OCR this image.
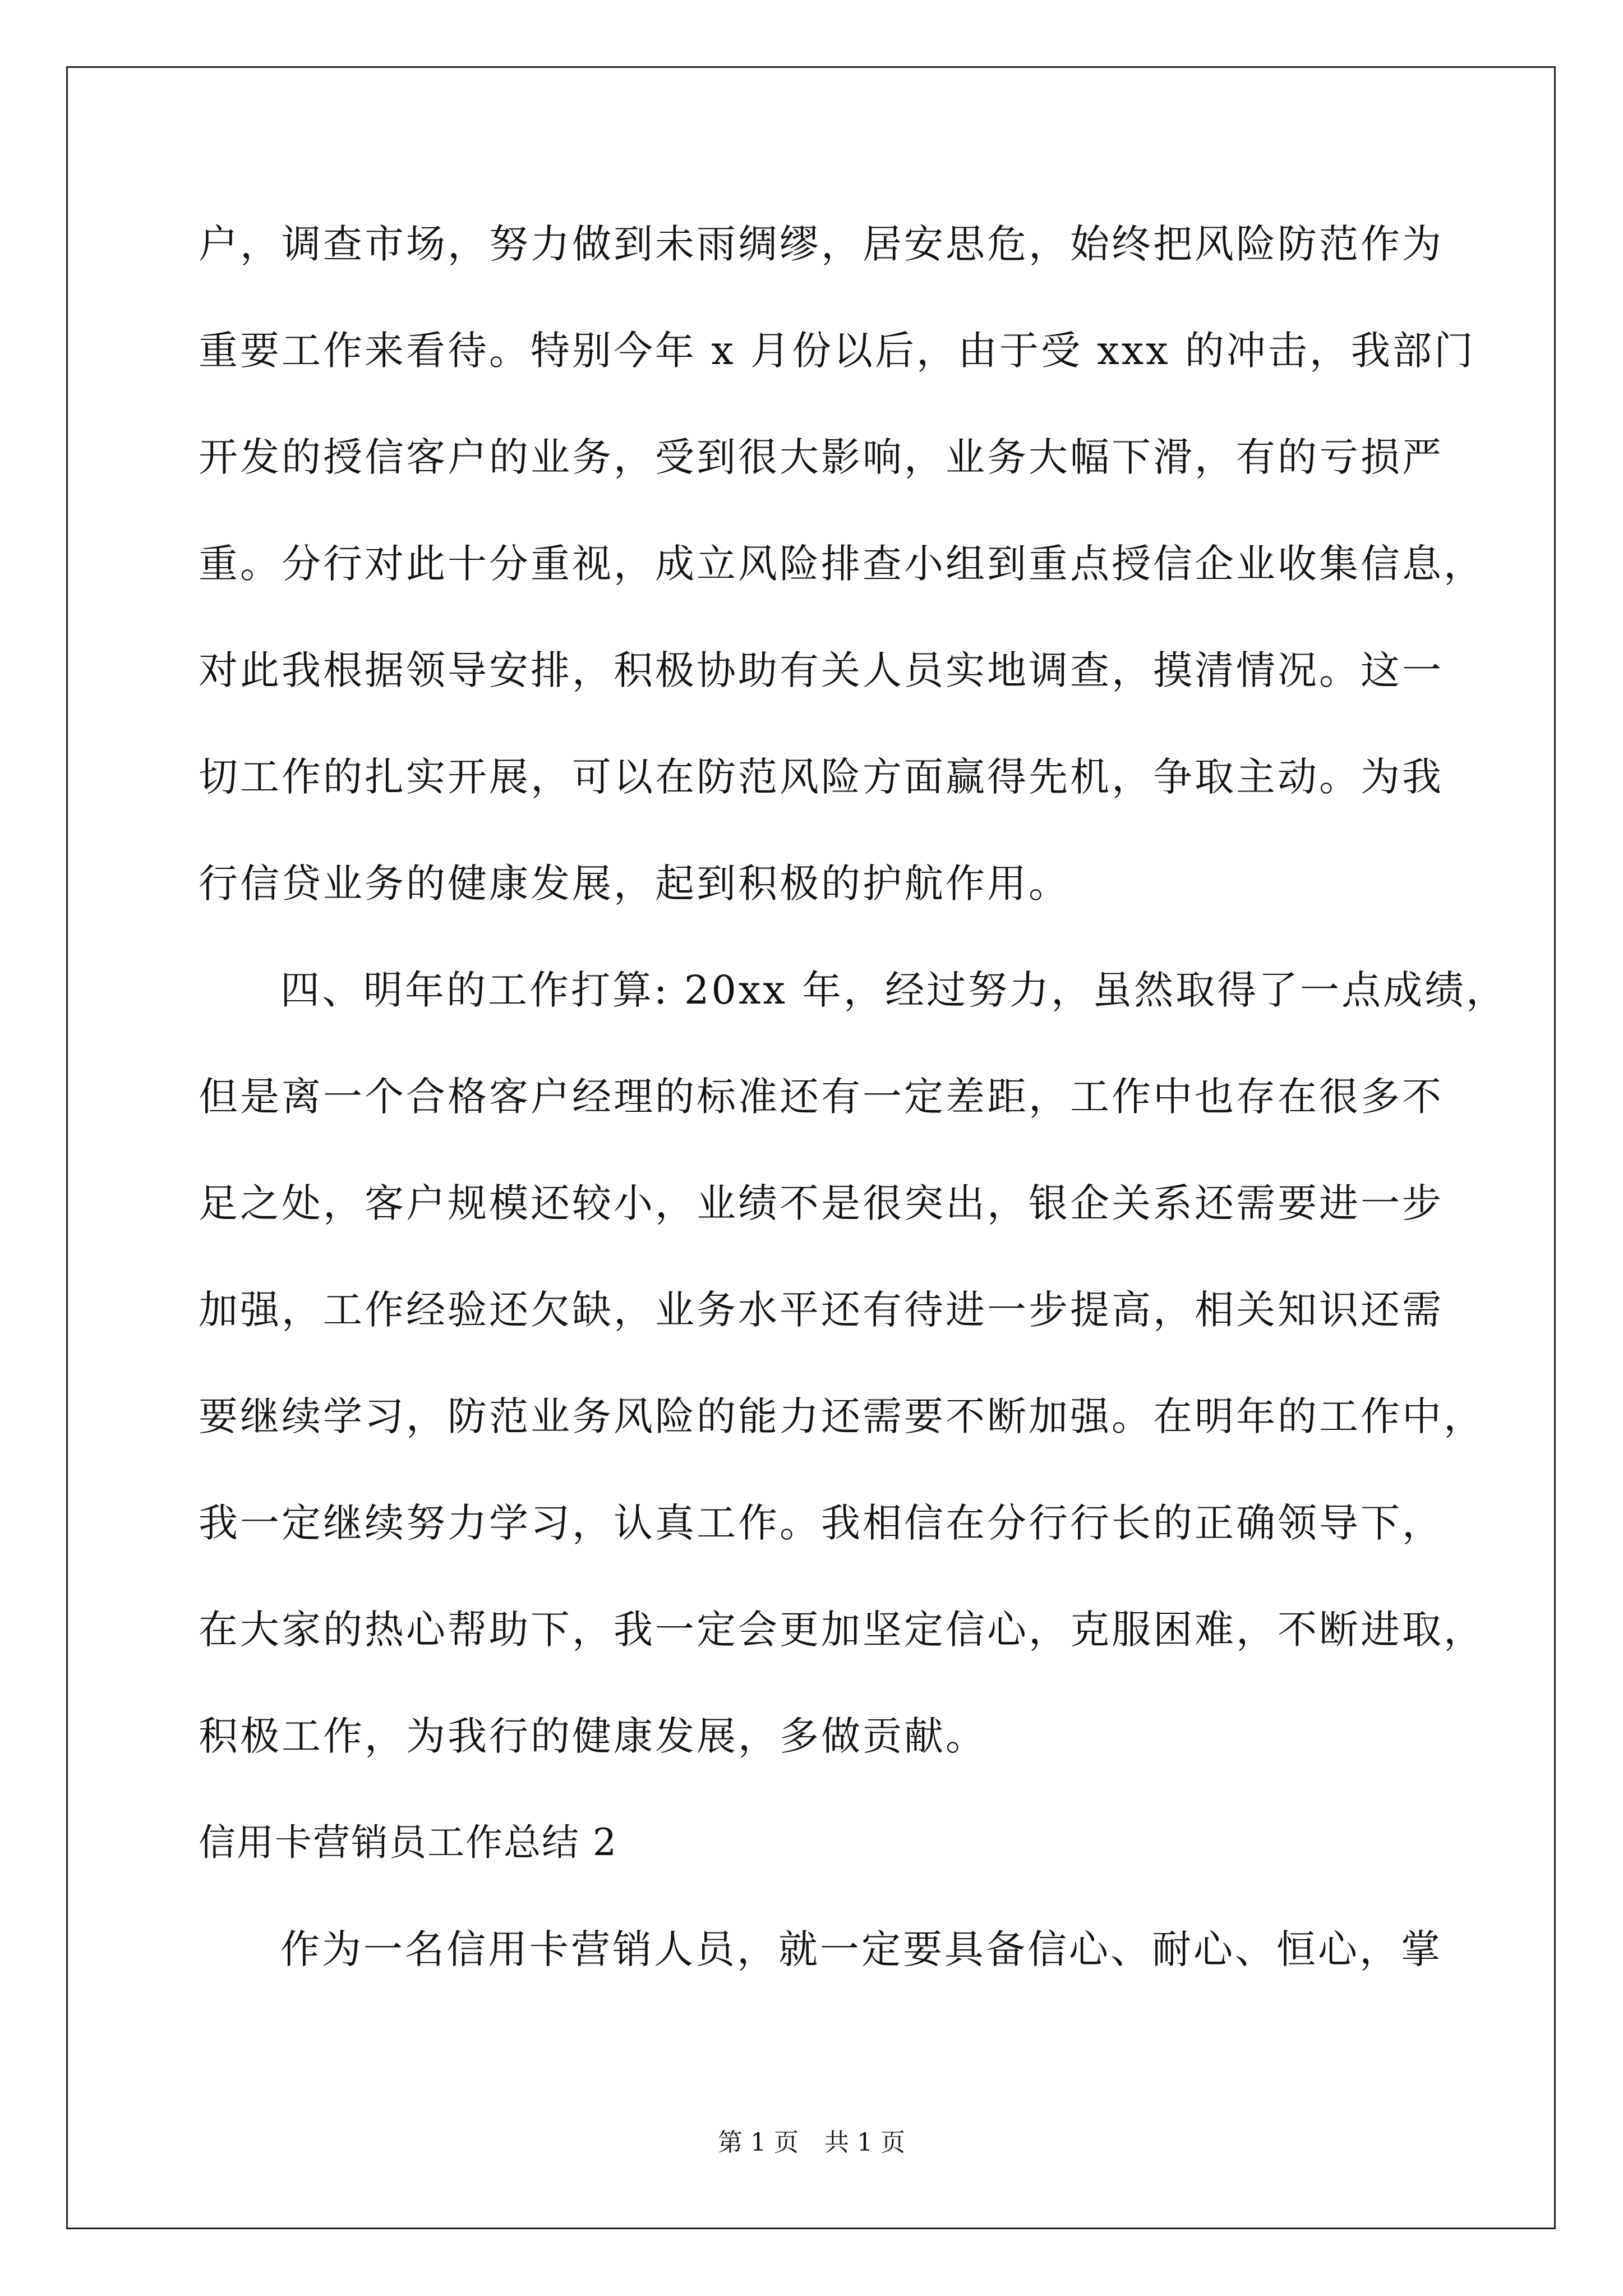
户，调查市场，努力做到未雨绸缪，居安思危，始终把风险防范作为
重要工作来看待。特别今年 x 月份以后，由于受 xxx 的冲击，我部门
开发的授信客户的业务，受到很大影响，业务大幅下滑，有的亏损严
重。分行对此十分重视，成立风险排查小组到重点授信企业收集信息，
对此我根据领导安排，积极协助有关人员实地调查，摸清情况。这一
切工作的扎实开展，可以在防范风险方面赢得先机，争取主动。为我
行信贷业务的健康发展，起到积极的护航作用。
四、明年的工作打算: 20xx 年，经过努力，虽然取得了一点成绩，
但是离一个合格客户经理的标准还有一定差距，工作中也存在很多不
足之处，客户规模还较小，业绩不是很突出，银企关系还需要进一步
加强，工作经验还欠缺，业务水平还有待进一步提高，相关知识还需
要继续学习，防范业务风险的能力还需要不断加强。在明年的工作中，
我一定继续努力学习，认真工作。我相信在分行行长的正确领导下，
在大家的热心帮助下，我一定会更加坚定信心，克服困难，不断进取，
积极工作，为我行的健康发展，多做贡献。
信用卡营销员工作总结 2
作为一名信用卡营销人员，就一定要具备信心、耐心、恒心，掌
第 1 页 共 1 页
